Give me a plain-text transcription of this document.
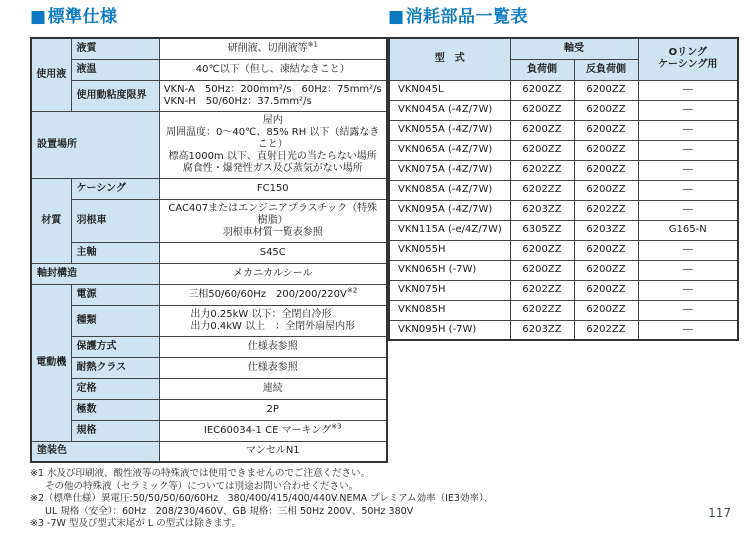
■標準仕様
使用液	液質	研削液、切削液等$^{※1}$
	液温	40℃以下（但し、凍結なきこと）
	使用動粘度限界	VKN-A　50Hz：200mm²/s　60Hz：75mm²/s
VKN-H　50/60Hz：37.5mm²/s

設置場所		屋内
周囲温度：0～40℃、85% RH 以下（結露なきこと）
標高1000m 以下、直射日光の当たらない場所
腐食性・爆発性ガス及び蒸気がない場所

材質	ケーシング	FC150
	羽根車	CAC407またはエンジニアプラスチック（特殊樹脂）
羽根車材質一覧表参照

	主軸	S45C
軸封構造		メカニカルシール
電動機	電源	三相50/60/60Hz　$200/200/220V^{※2}$
	種類	出力0.25kW 以下：全閉自冷形
出力0.4kW 以上　：全閉外扇屋内形

	保護方式	仕様表参照
	耐熱クラス	仕様表参照
	定格	連続
	極数	2P
	規格	IEC60034-1 CE マーキング$^{※3}$
塗装色		マンセルN1
※1 水及び印刷液、酸性液等の特殊液では使用できませんのでご注意ください。
その他の特殊液（セラミック等）については別途お問い合わせください。
※2（標準仕様）異電圧:50/50/50/60/60Hz　380/400/415/400/440V.NEMA プレミアム効率（IE3効率）、
UL 規格（安全）：60Hz　208/230/460V、GB 規格：三相 50Hz 200V、50Hz 380V
※3 -7W 型及び型式末尾が L の型式は除きます。
■消耗部品一覧表
型　式	軸受		Oリング
ケーシング用

	負荷側	反負荷側	
VKN045L	6200ZZ	6200ZZ	―
VKN045A (-4Z/7W)	6200ZZ	6200ZZ	―
VKN055A (-4Z/7W)	6200ZZ	6200ZZ	―
VKN065A (-4Z/7W)	6200ZZ	6200ZZ	―
VKN075A (-4Z/7W)	6202ZZ	6200ZZ	―
VKN085A (-4Z/7W)	6202ZZ	6200ZZ	―
VKN095A (-4Z/7W)	6203ZZ	6202ZZ	―
VKN115A (-e/4Z/7W)	6305ZZ	6203ZZ	G165-N
VKN055H	6200ZZ	6200ZZ	―
VKN065H (-7W)	6200ZZ	6200ZZ	―
VKN075H	6202ZZ	6200ZZ	―
VKN085H	6202ZZ	6200ZZ	―
VKN095H (-7W)	6203ZZ	6202ZZ	―
117
